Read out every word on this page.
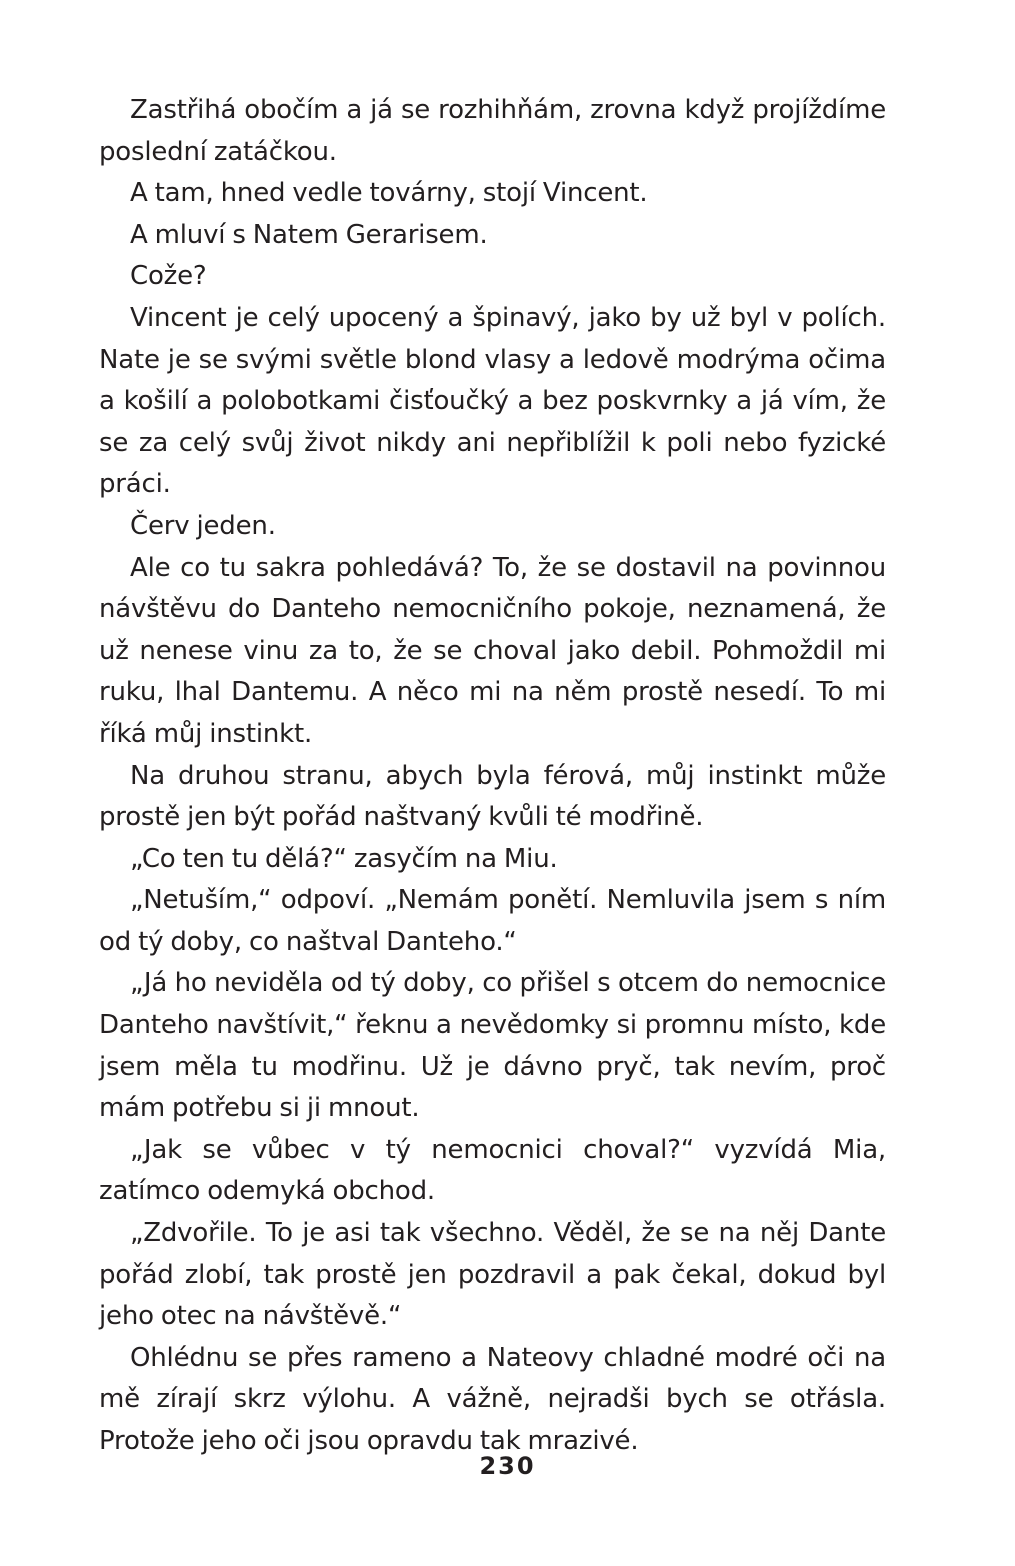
Zastřihá obočím a já se rozhihňám, zrovna když projíždíme poslední zatáčkou.

A tam, hned vedle továrny, stojí Vincent.

A mluví s Natem Gerarisem.

Cože?

Vincent je celý upocený a špinavý, jako by už byl v polích. Nate je se svými světle blond vlasy a ledově modrýma očima a košilí a polobotkami čisťoučký a bez poskvrnky a já vím, že se za celý svůj život nikdy ani nepřiblížil k poli nebo fyzické práci.

Červ jeden.

Ale co tu sakra pohledává? To, že se dostavil na povinnou návštěvu do Danteho nemocničního pokoje, neznamená, že už nenese vinu za to, že se choval jako debil. Pohmoždil mi ruku, lhal Dantemu. A něco mi na něm prostě nesedí. To mi říká můj instinkt.

Na druhou stranu, abych byla férová, můj instinkt může prostě jen být pořád naštvaný kvůli té modřině.

„Co ten tu dělá?“ zasyčím na Miu.

„Netuším,“ odpoví. „Nemám ponětí. Nemluvila jsem s ním od tý doby, co naštval Danteho.“

„Já ho neviděla od tý doby, co přišel s otcem do nemocnice Danteho navštívit,“ řeknu a nevědomky si promnu místo, kde jsem měla tu modřinu. Už je dávno pryč, tak nevím, proč mám potřebu si ji mnout.

„Jak se vůbec v tý nemocnici choval?“ vyzvídá Mia, zatímco odemyká obchod.

„Zdvořile. To je asi tak všechno. Věděl, že se na něj Dante pořád zlobí, tak prostě jen pozdravil a pak čekal, dokud byl jeho otec na návštěvě.“

Ohlédnu se přes rameno a Nateovy chladné modré oči na mě zírají skrz výlohu. A vážně, nejradši bych se otřásla. Protože jeho oči jsou opravdu tak mrazivé.

230
